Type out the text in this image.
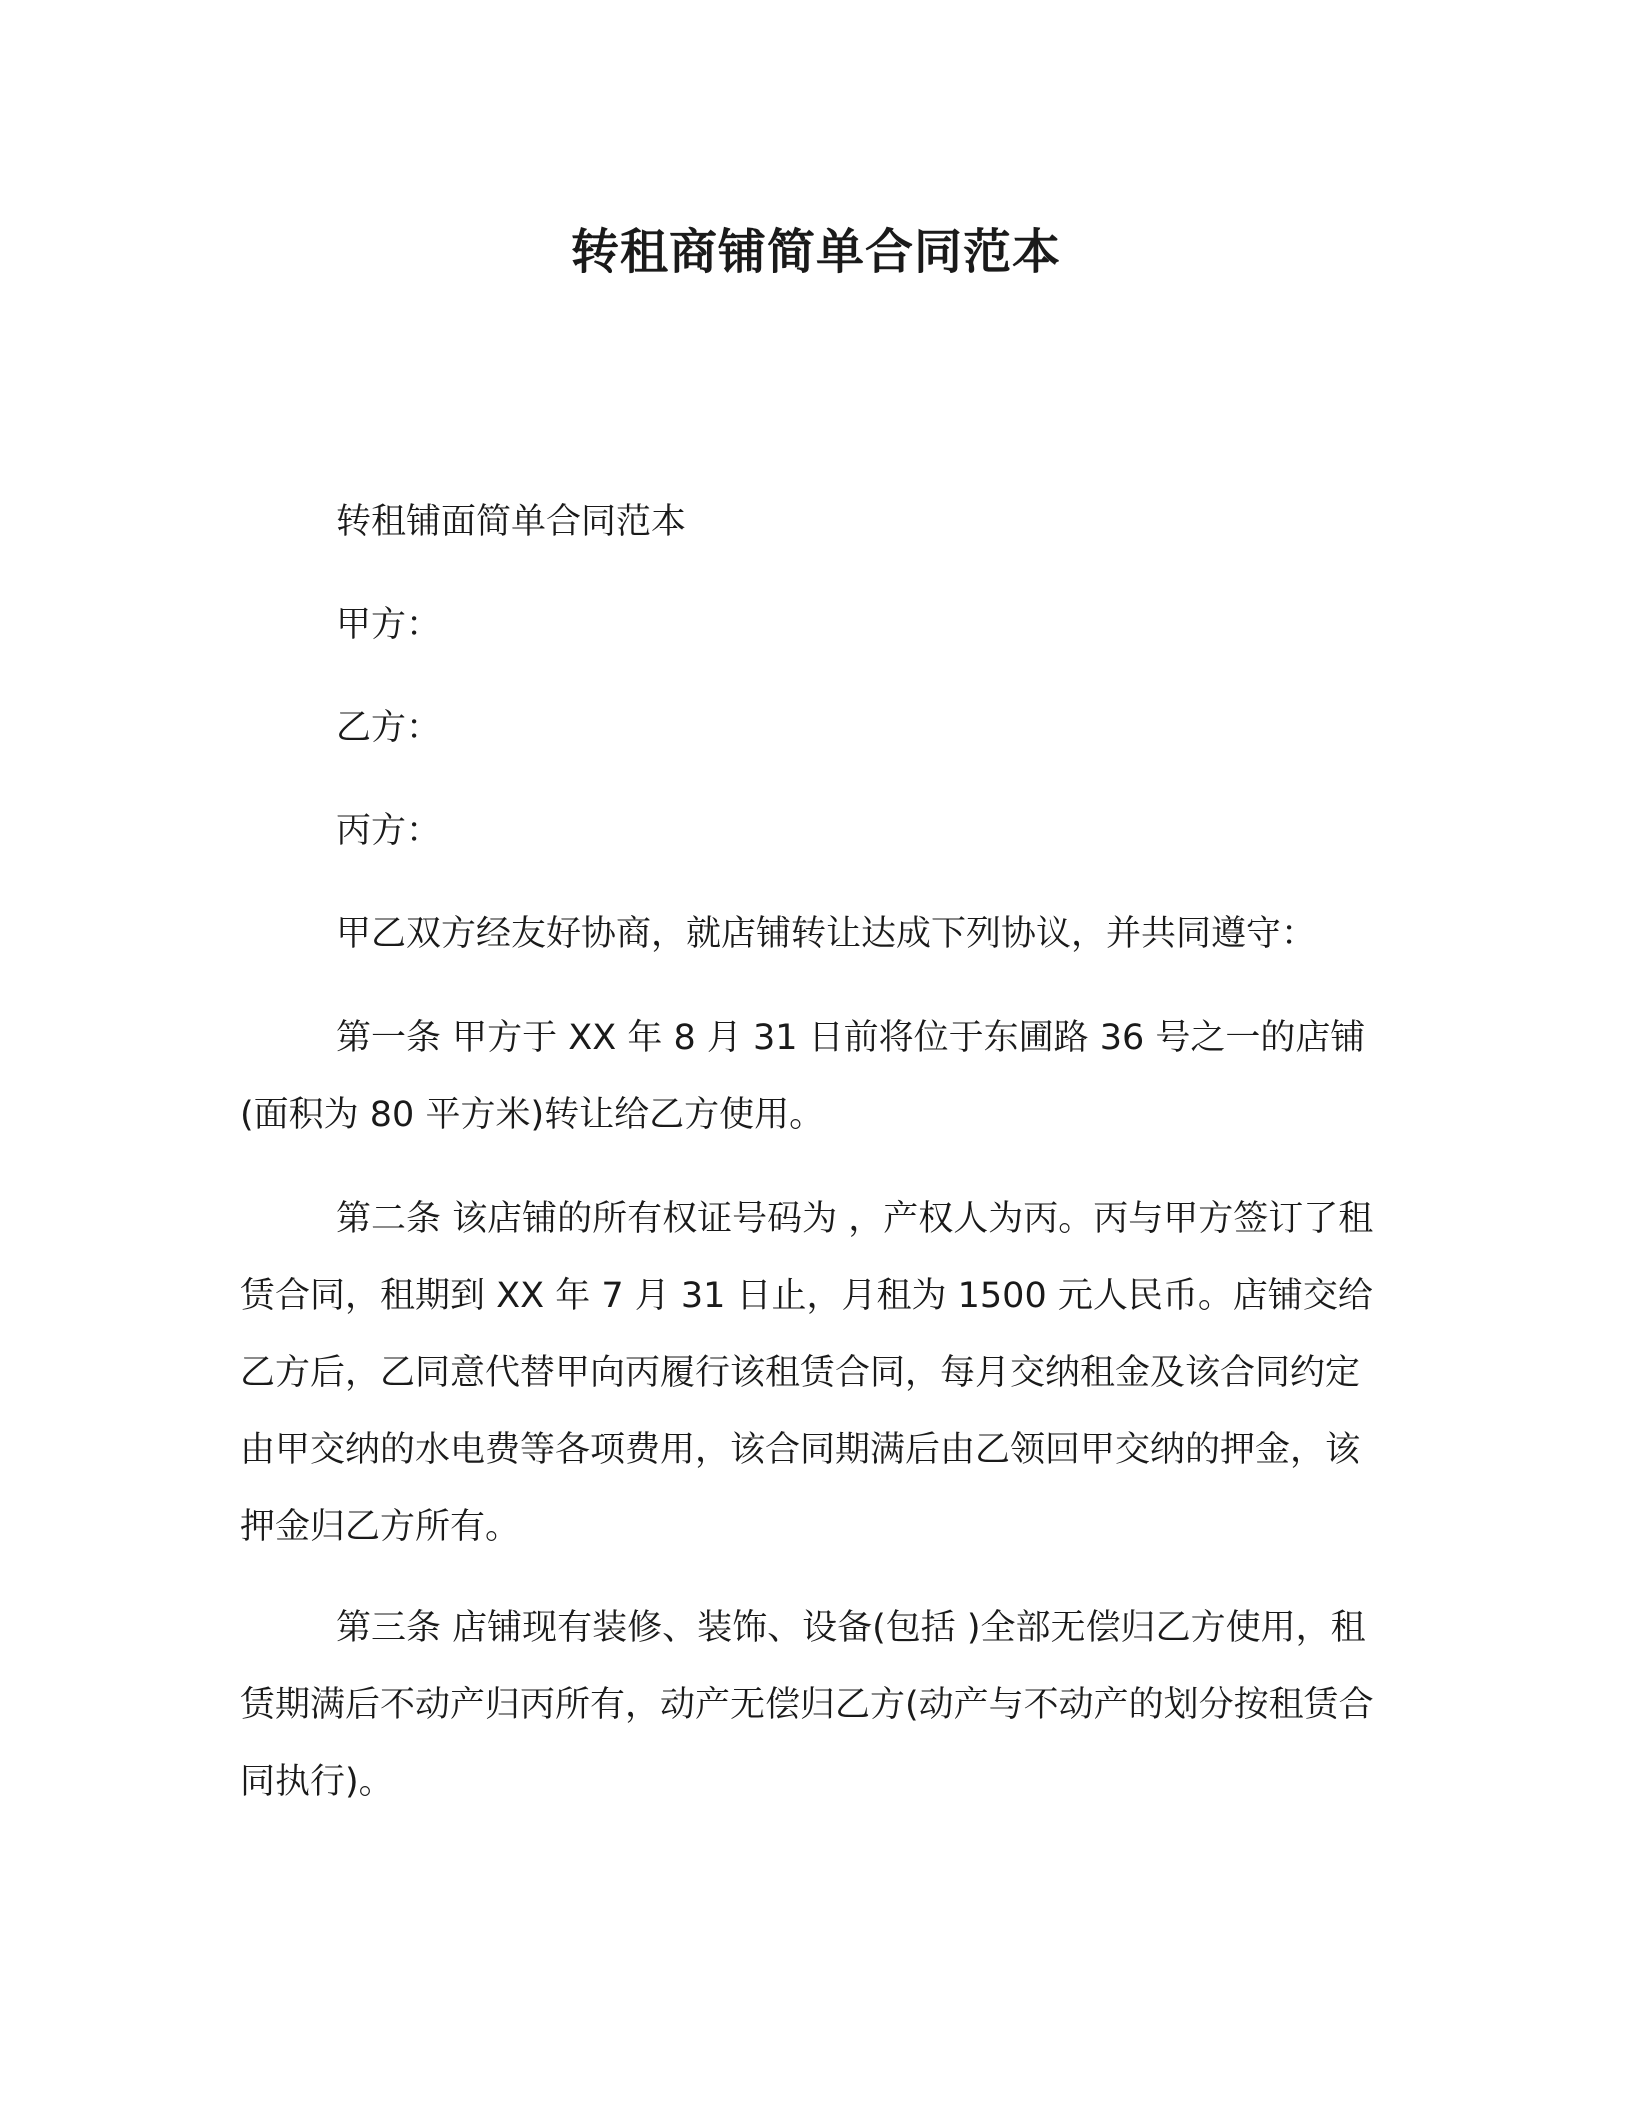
转租商铺简单合同范本

转租铺面简单合同范本

甲方：

乙方：

丙方：

甲乙双方经友好协商，就店铺转让达成下列协议，并共同遵守：

第一条 甲方于 XX 年 8 月 31 日前将位于东圃路 36 号之一的店铺(面积为 80 平方米)转让给乙方使用。

第二条 该店铺的所有权证号码为 ，产权人为丙。丙与甲方签订了租赁合同，租期到 XX 年 7 月 31 日止，月租为 1500 元人民币。店铺交给乙方后，乙同意代替甲向丙履行该租赁合同，每月交纳租金及该合同约定由甲交纳的水电费等各项费用，该合同期满后由乙领回甲交纳的押金，该押金归乙方所有。

第三条 店铺现有装修、装饰、设备(包括 )全部无偿归乙方使用，租赁期满后不动产归丙所有，动产无偿归乙方(动产与不动产的划分按租赁合同执行)。
